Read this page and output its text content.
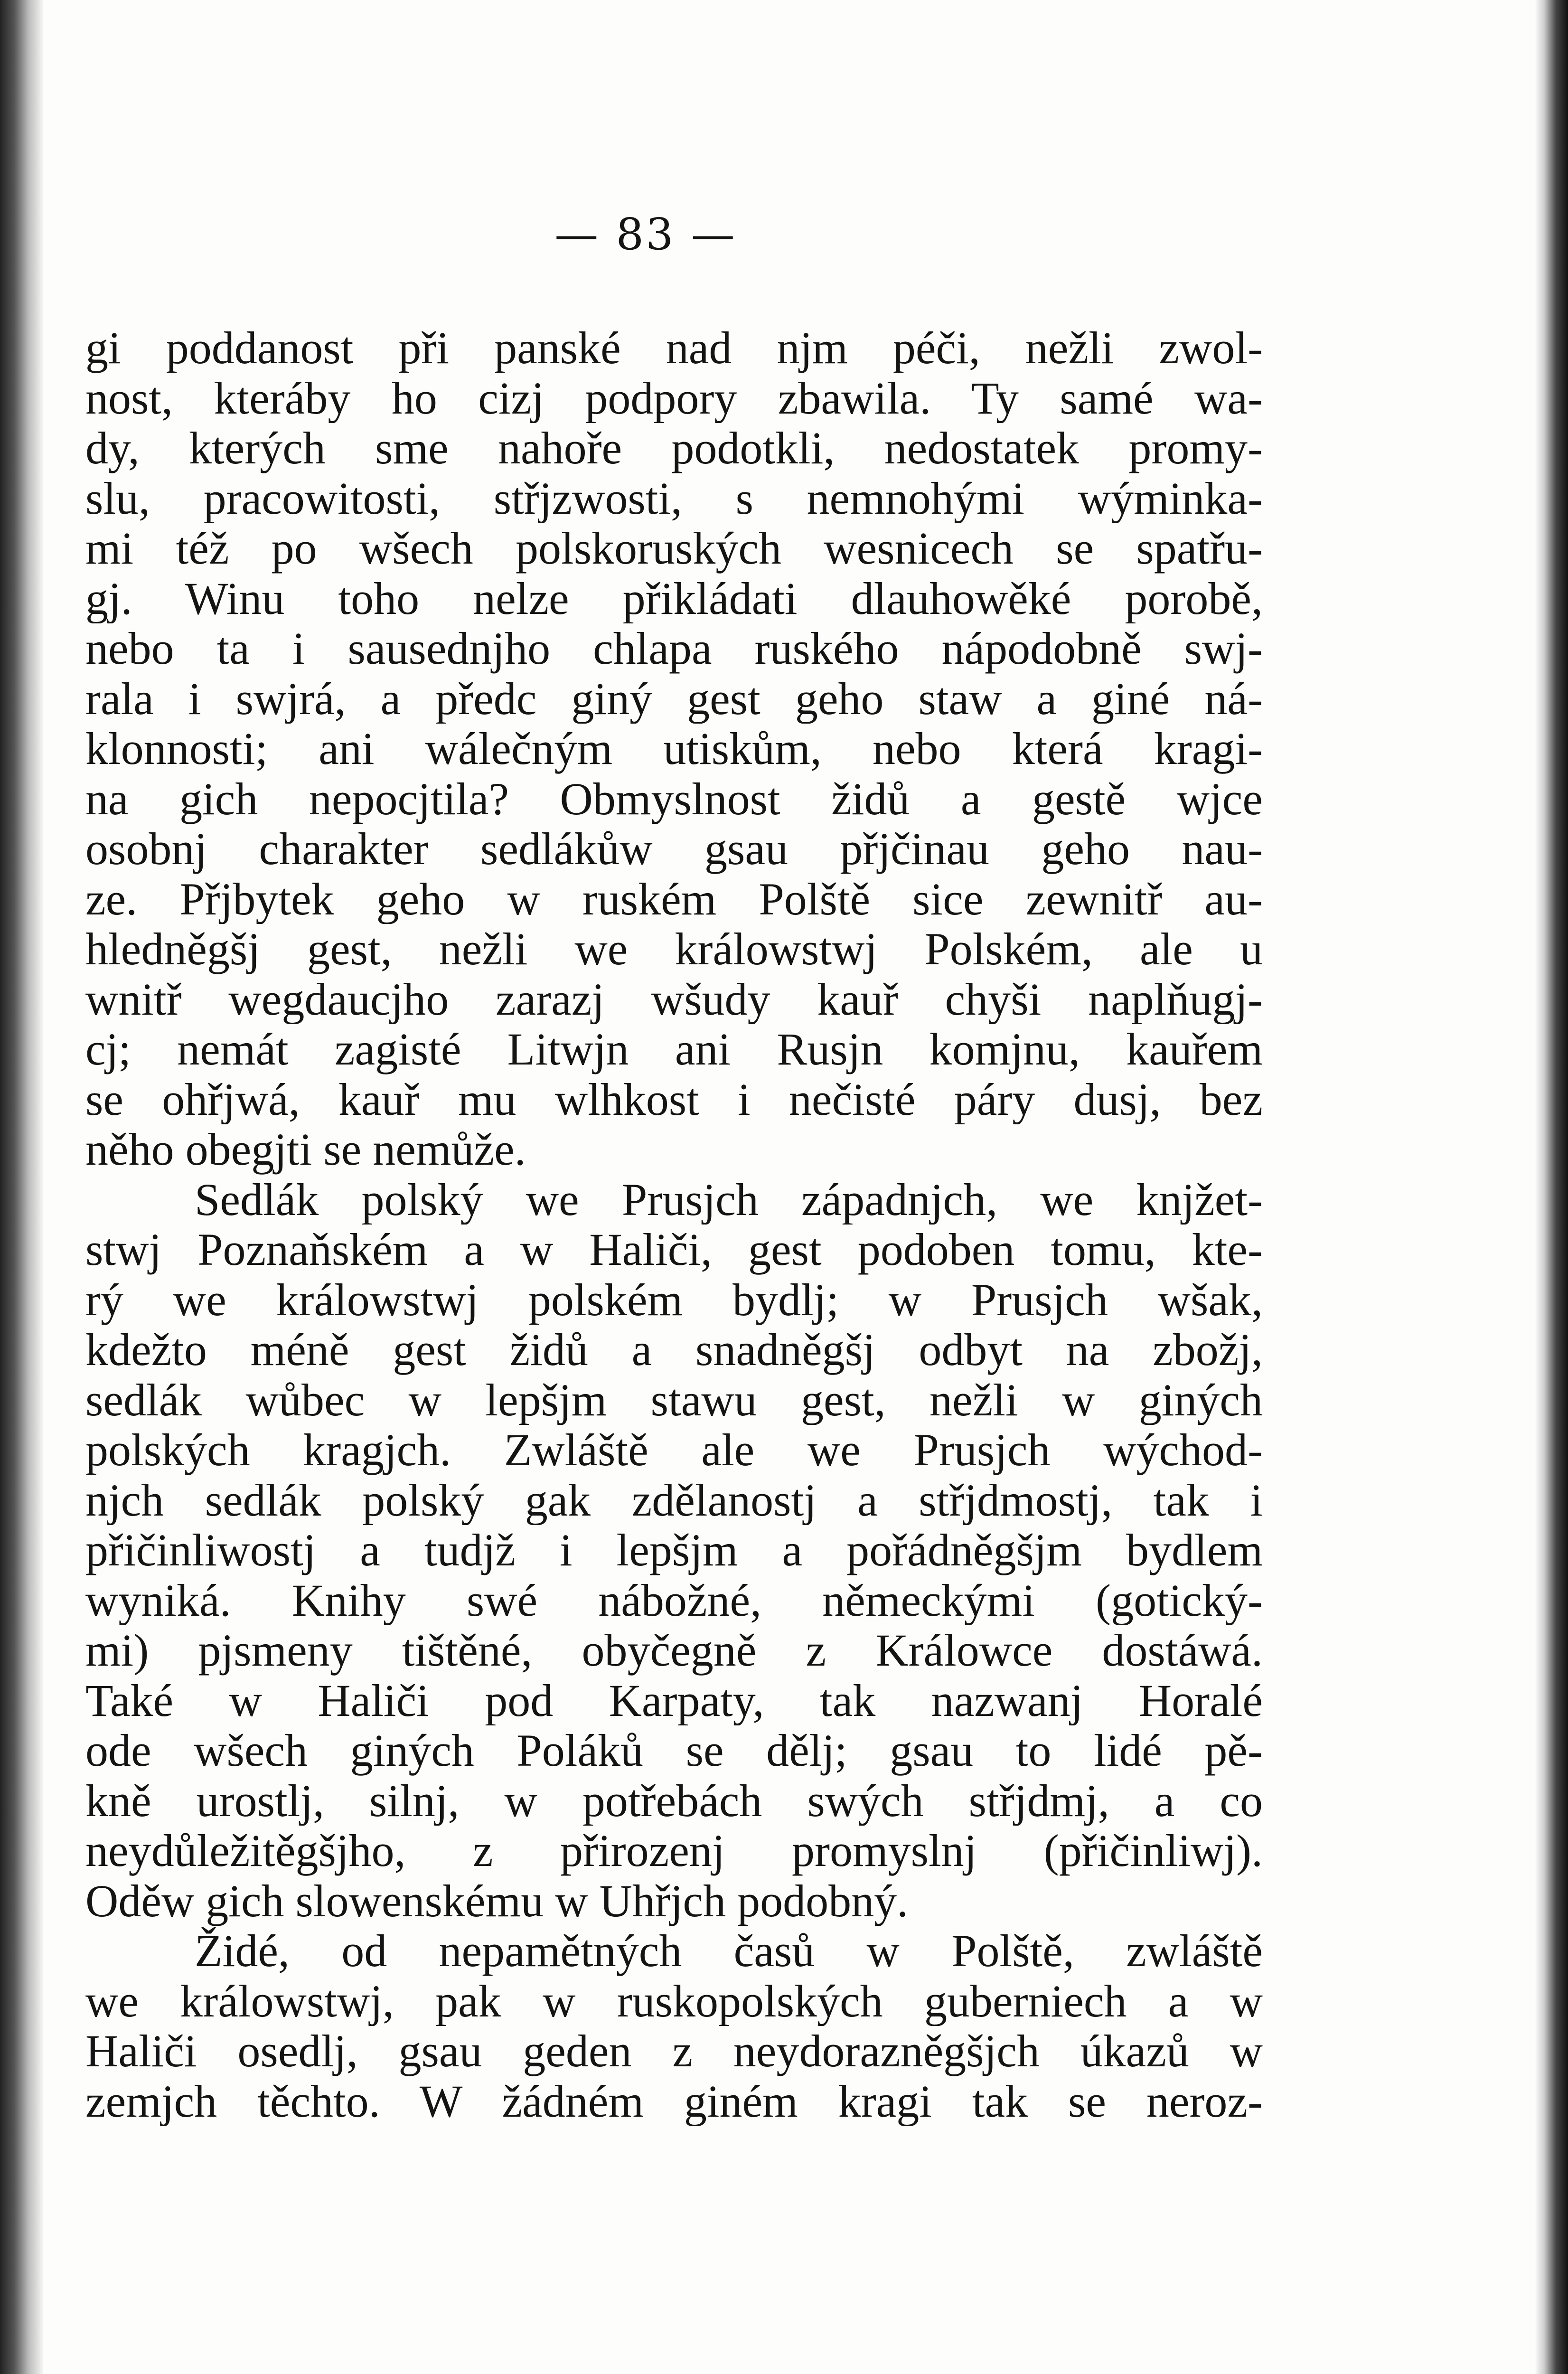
— 83 —
gi poddanost při panské nad njm péči, nežli zwol-
nost, kteráby ho cizj podpory zbawila. Ty samé wa-
dy, kterých sme nahoře podotkli, nedostatek promy-
slu, pracowitosti, střjzwosti, s nemnohými wýminka-
mi též po wšech polskoruských wesnicech se spatřu-
gj. Winu toho nelze přikládati dlauhowěké porobě,
nebo ta i sausednjho chlapa ruského nápodobně swj-
rala i swjrá, a předc giný gest geho staw a giné ná-
klonnosti; ani wálečným utiskům, nebo která kragi-
na gich nepocjtila? Obmyslnost židů a gestě wjce
osobnj charakter sedlákůw gsau přjčinau geho nau-
ze. Přjbytek geho w ruském Polště sice zewnitř au-
hledněgšj gest, nežli we králowstwj Polském, ale u
wnitř wegdaucjho zarazj wšudy kauř chyši naplňugj-
cj; nemát zagisté Litwjn ani Rusjn komjnu, kauřem
se ohřjwá, kauř mu wlhkost i nečisté páry dusj, bez
něho obegjti se nemůže.
Sedlák polský we Prusjch západnjch, we knjžet-
stwj Poznaňském a w Haliči, gest podoben tomu, kte-
rý we králowstwj polském bydlj; w Prusjch wšak,
kdežto méně gest židů a snadněgšj odbyt na zbožj,
sedlák wůbec w lepšjm stawu gest, nežli w giných
polských kragjch. Zwláště ale we Prusjch wýchod-
njch sedlák polský gak zdělanostj a střjdmostj, tak i
přičinliwostj a tudjž i lepšjm a pořádněgšjm bydlem
wyniká. Knihy swé nábožné, německými (gotický-
mi) pjsmeny tištěné, obyčegně z Králowce dostáwá.
Také w Haliči pod Karpaty, tak nazwanj Horalé
ode wšech giných Poláků se dělj; gsau to lidé pě-
kně urostlj, silnj, w potřebách swých střjdmj, a co
neydůležitěgšjho, z přirozenj promyslnj (přičinliwj).
Oděw gich slowenskému w Uhřjch podobný.
Židé, od nepamětných časů w Polště, zwláště
we králowstwj, pak w ruskopolských guberniech a w
Haliči osedlj, gsau geden z neydorazněgšjch úkazů w
zemjch těchto. W žádném giném kragi tak se neroz-
